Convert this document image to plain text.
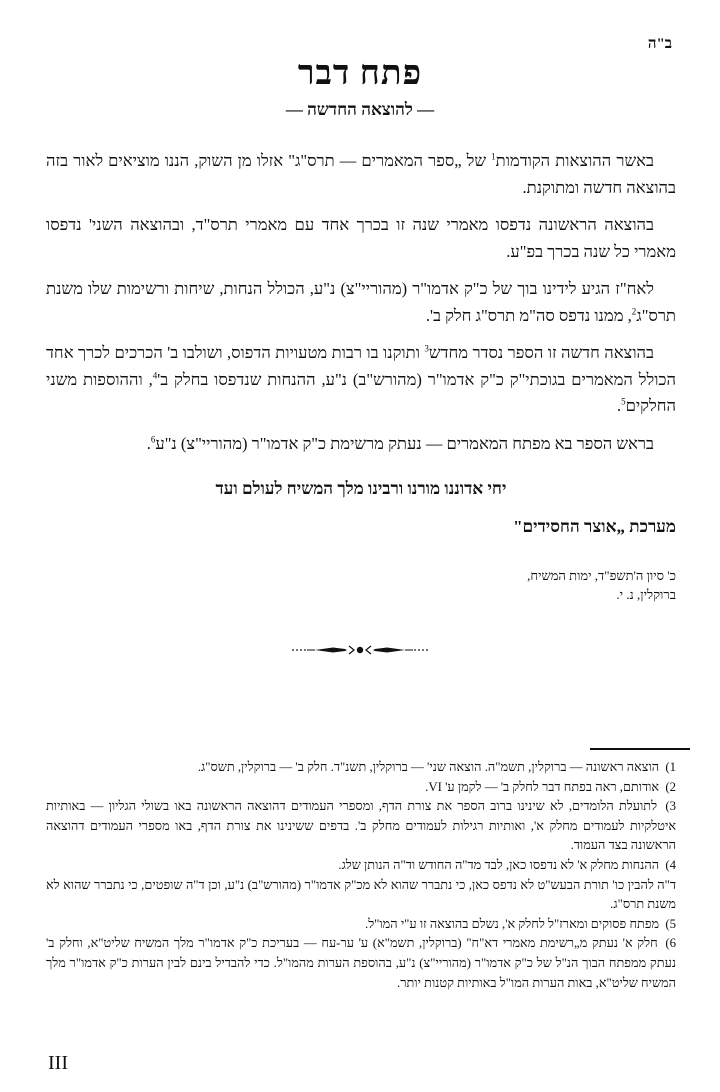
ב"ה
פתח דבר
— להוצאה החדשה —

באשר ההוצאות הקודמות$^1$ של „ספר המאמרים — תרס"ג" אזלו מן השוק, הננו מוציאים לאור בזה בהוצאה חדשה ומתוקנת.

בהוצאה הראשונה נדפסו מאמרי שנה זו בכרך אחד עם מאמרי תרס"ד, ובהוצאה השני' נדפסו מאמרי כל שנה בכרך בפ"ע.

לאח"ז הגיע לידינו בוך של כ"ק אדמו"ר (מהוריי"צ) נ"ע, הכולל הנחות, שיחות ורשימות שלו משנת תרס"ג$^2$, ממנו נדפס סה"מ תרס"ג חלק ב'.

בהוצאה חדשה זו הספר נסדר מחדש$^3$ ותוקנו בו רבות מטעויות הדפוס, ושולבו ב' הכרכים לכרך אחד הכולל המאמרים בגוכתי"ק כ"ק אדמו"ר (מהורש"ב) נ"ע, ההנחות שנדפסו בחלק $ב'^4$, וההוספות משני החלקים$^5$.

בראש הספר בא מפתח המאמרים — נעתק מרשימת כ"ק אדמו"ר (מהוריי"צ) נ"ע$^6$.

יחי אדוננו מורנו ורבינו מלך המשיח לעולם ועד
מערכת „אוצר החסידים"
כ' סיון ה'תשפ"ד, ימות המשיח,
ברוקלין, נ. י.

1) הוצאה ראשונה — ברוקלין, תשמ"ה. הוצאה שני' — ברוקלין, תשנ"ד. חלק ב' — ברוקלין, תשס"ג.

2) אודותם, ראה בפתח דבר לחלק ב' — לקמן ע' VI.

3) לתועלת הלומדים, לא שינינו ברוב הספר את צורת הדף, ומספרי העמודים דהוצאה הראשונה באו בשולי הגליון — באותיות איטלקיות לעמודים מחלק א', ואותיות רגילות לעמודים מחלק ב'. בדפים ששינינו את צורת הדף, באו מספרי העמודים דהוצאה הראשונה בצד העמוד.

4) ההנחות מחלק א' לא נדפסו כאן, לבד מד"ה החודש וד"ה הנותן שלג.

ד"ה להבין כו' תורת הבעש"ט לא נדפס כאן, כי נתברר שהוא לא מכ"ק אדמו"ר (מהורש"ב) נ"ע, וכן ד"ה שופטים, כי נתברר שהוא לא משנת תרס"ג.

5) מפתח פסוקים ומארז"ל לחלק א', נשלם בהוצאה זו ע"י המו"ל.

6) חלק א' נעתק מ„רשימת מאמרי דא"ח" (ברוקלין, תשמ"א) ע' ער-עח — בעריכת כ"ק אדמו"ר מלך המשיח שליט"א, וחלק ב' נעתק ממפתח הבוך הנ"ל של כ"ק אדמו"ר (מהוריי"צ) נ"ע, בהוספת הערות מהמו"ל. כדי להבדיל בינם לבין הערות כ"ק אדמו"ר מלך המשיח שליט"א, באות הערות המו"ל באותיות קטנות יותר.

III
